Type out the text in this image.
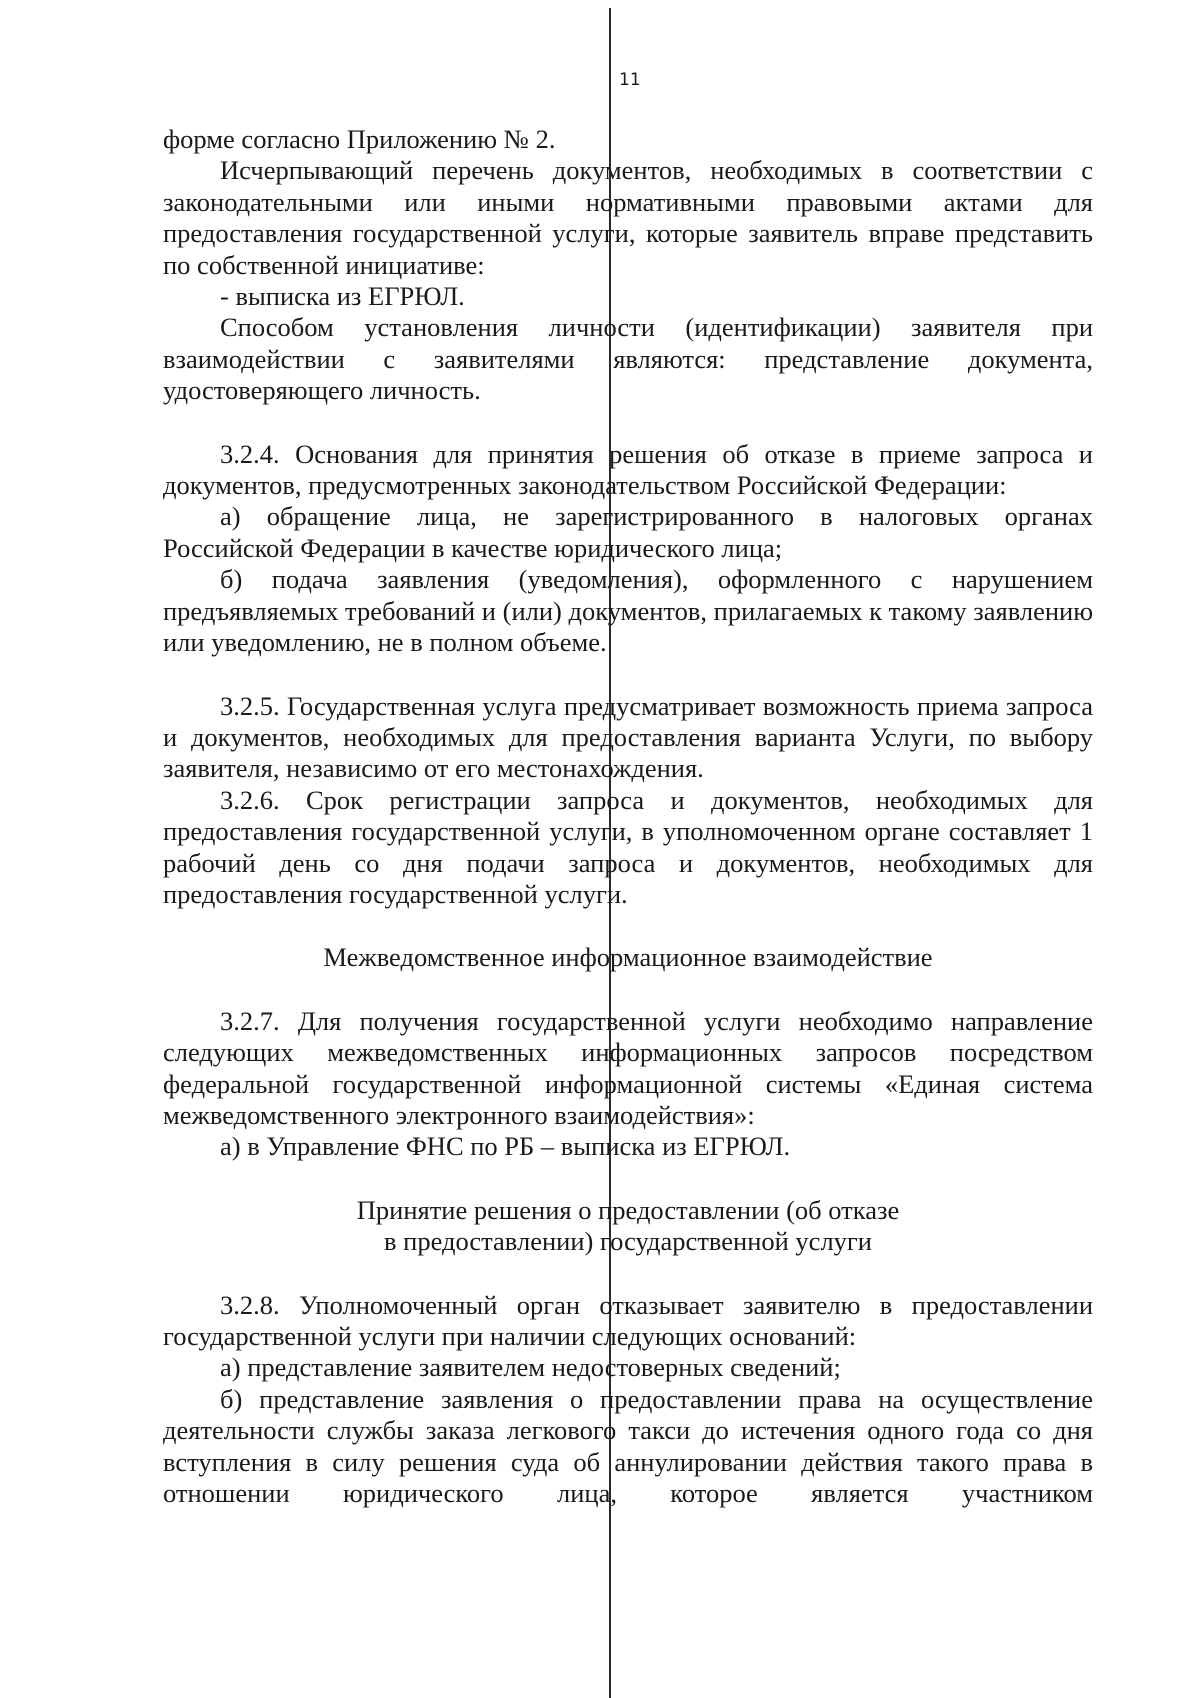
11

форме согласно Приложению № 2.

Исчерпывающий перечень документов, необходимых в соответствии с законодательными или иными нормативными правовыми актами для предоставления государственной услуги, которые заявитель вправе представить по собственной инициативе:

- выписка из ЕГРЮЛ.

Способом установления личности (идентификации) заявителя при взаимодействии с заявителями являются: представление документа, удостоверяющего личность.

3.2.4. Основания для принятия решения об отказе в приеме запроса и документов, предусмотренных законодательством Российской Федерации:

а) обращение лица, не зарегистрированного в налоговых органах Российской Федерации в качестве юридического лица;

б) подача заявления (уведомления), оформленного с нарушением предъявляемых требований и (или) документов, прилагаемых к такому заявлению или уведомлению, не в полном объеме.

3.2.5. Государственная услуга предусматривает возможность приема запроса и документов, необходимых для предоставления варианта Услуги, по выбору заявителя, независимо от его местонахождения.

3.2.6. Срок регистрации запроса и документов, необходимых для предоставления государственной услуги, в уполномоченном органе составляет 1 рабочий день со дня подачи запроса и документов, необходимых для предоставления государственной услуги.

Межведомственное информационное взаимодействие

3.2.7. Для получения государственной услуги необходимо направление следующих межведомственных информационных запросов посредством федеральной государственной информационной системы «Единая система межведомственного электронного взаимодействия»:

а) в Управление ФНС по РБ – выписка из ЕГРЮЛ.

Принятие решения о предоставлении (об отказе

в предоставлении) государственной услуги

3.2.8. Уполномоченный орган отказывает заявителю в предоставлении государственной услуги при наличии следующих оснований:

а) представление заявителем недостоверных сведений;

б) представление заявления о предоставлении права на осуществление деятельности службы заказа легкового такси до истечения одного года со дня вступления в силу решения суда об аннулировании действия такого права в отношении юридического лица, которое является участником
